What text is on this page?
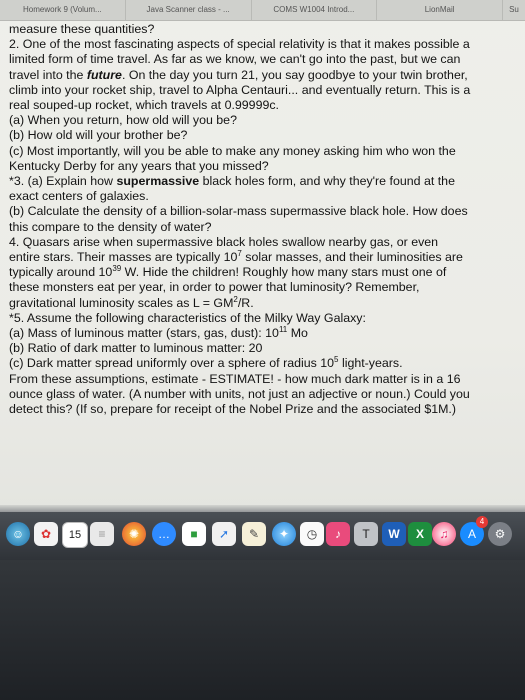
Homework 9 (Volum...	Java Scanner class - ...	COMS W1004 Introd...	LionMail	Su

measure these quantities?

2. One of the most fascinating aspects of special relativity is that it makes possible a
limited form of time travel. As far as we know, we can't go into the past, but we can
travel into the future. On the day you turn 21, you say goodbye to your twin brother,
climb into your rocket ship, travel to Alpha Centauri... and eventually return. This is a
real souped-up rocket, which travels at 0.99999c.
(a) When you return, how old will you be?
(b) How old will your brother be?
(c) Most importantly, will you be able to make any money asking him who won the
Kentucky Derby for any years that you missed?

*3. (a) Explain how supermassive black holes form, and why they're found at the
exact centers of galaxies.
(b) Calculate the density of a billion-solar-mass supermassive black hole. How does
this compare to the density of water?

4. Quasars arise when supermassive black holes swallow nearby gas, or even
entire stars. Their masses are typically $10^7$ solar masses, and their luminosities are
typically around $10^{39}$ W. Hide the children! Roughly how many stars must one of
these monsters eat per year, in order to power that luminosity? Remember,
gravitational luminosity scales as $L = GM^2/R$.

*5. Assume the following characteristics of the Milky Way Galaxy:
(a) Mass of luminous matter (stars, gas, dust): $10^{11}$ Mo
(b) Ratio of dark matter to luminous matter: 20
(c) Dark matter spread uniformly over a sphere of radius $10^5$ light-years.
From these assumptions, estimate - ESTIMATE! - how much dark matter is in a 16
ounce glass of water. (A number with units, not just an adjective or noun.) Could you
detect this? (If so, prepare for receipt of the Nobel Prize and the associated $1M.)

☺	✿	15	≡	✺	…	■	➚	✎	✦	◷	♪	T	W	X	♫	A	⚙
4
